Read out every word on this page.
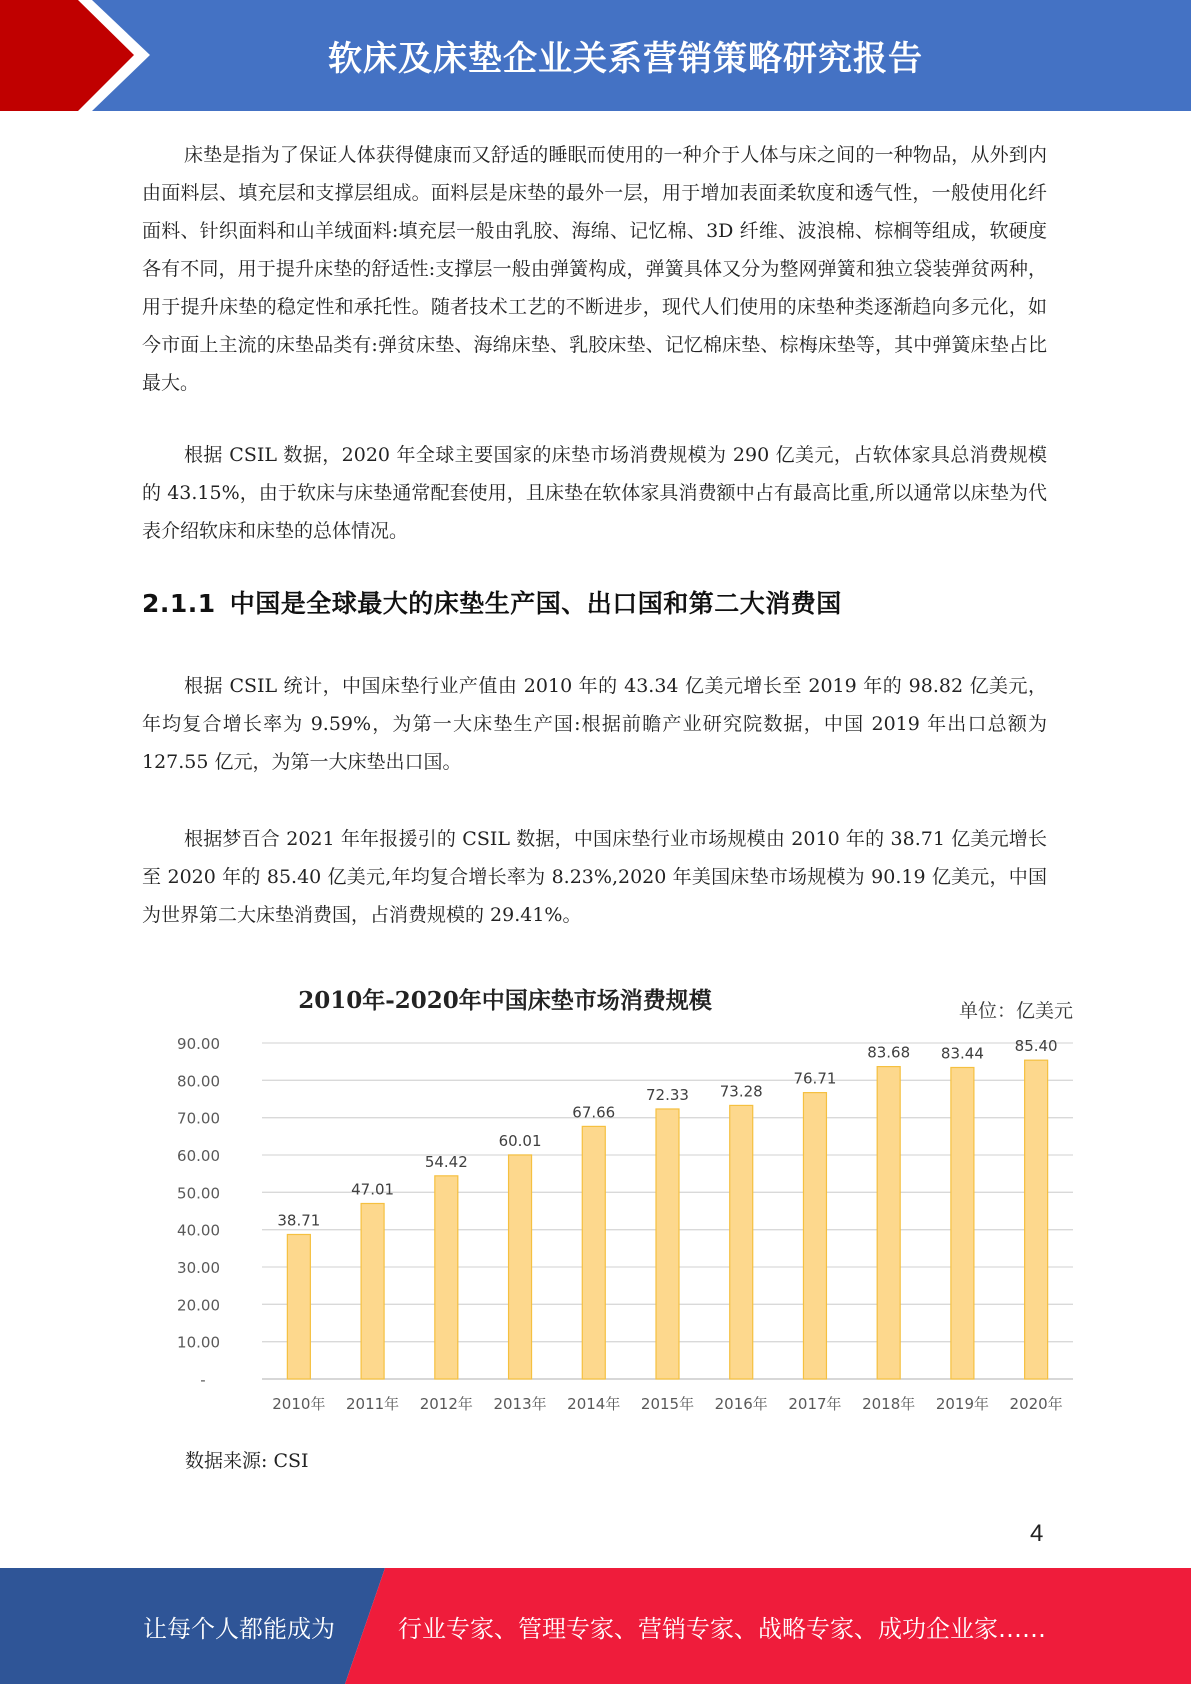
软床及床垫企业关系营销策略研究报告

床垫是指为了保证人体获得健康而又舒适的睡眠而使用的一种介于人体与床之间的一种物品，从外到内由面料层、填充层和支撑层组成。面料层是床垫的最外一层，用于增加表面柔软度和透气性，一般使用化纤面料、针织面料和山羊绒面料:填充层一般由乳胶、海绵、记忆棉、3D 纤维、波浪棉、棕榈等组成，软硬度各有不同，用于提升床垫的舒适性:支撑层一般由弹簧构成，弹簧具体又分为整网弹簧和独立袋装弹贫两种，用于提升床垫的稳定性和承托性。随者技术工艺的不断进步，现代人们使用的床垫种类逐渐趋向多元化，如今市面上主流的床垫品类有:弹贫床垫、海绵床垫、乳胶床垫、记忆棉床垫、棕梅床垫等，其中弹簧床垫占比最大。

根据 CSIL 数据，2020 年全球主要国家的床垫市场消费规模为 290 亿美元，占软体家具总消费规模的 43.15%，由于软床与床垫通常配套使用，且床垫在软体家具消费额中占有最高比重,所以通常以床垫为代表介绍软床和床垫的总体情况。

2.1.1 中国是全球最大的床垫生产国、出口国和第二大消费国

根据 CSIL 统计，中国床垫行业产值由 2010 年的 43.34 亿美元增长至 2019 年的 98.82 亿美元，年均复合增长率为 9.59%，为第一大床垫生产国:根据前瞻产业研究院数据，中国 2019 年出口总额为 127.55 亿元，为第一大床垫出口国。

根据梦百合 2021 年年报援引的 CSIL 数据，中国床垫行业市场规模由 2010 年的 38.71 亿美元增长至 2020 年的 85.40 亿美元,年均复合增长率为 8.23%,2020 年美国床垫市场规模为 90.19 亿美元，中国为世界第二大床垫消费国，占消费规模的 29.41%。

2010年-2020年中国床垫市场消费规模	单位：亿美元
-
10.00
20.00
30.00
40.00
50.00
60.00
70.00
80.00
90.00
38.71
47.01
54.42
60.01
67.66
72.33 73.28
76.71
83.68 83.44 85.40
2010年 2011年 2012年 2013年 2014年 2015年 2016年 2017年 2018年 2019年 2020年

数据来源: CSI

4
让每个人都能成为	行业专家、管理专家、营销专家、战略专家、成功企业家……
